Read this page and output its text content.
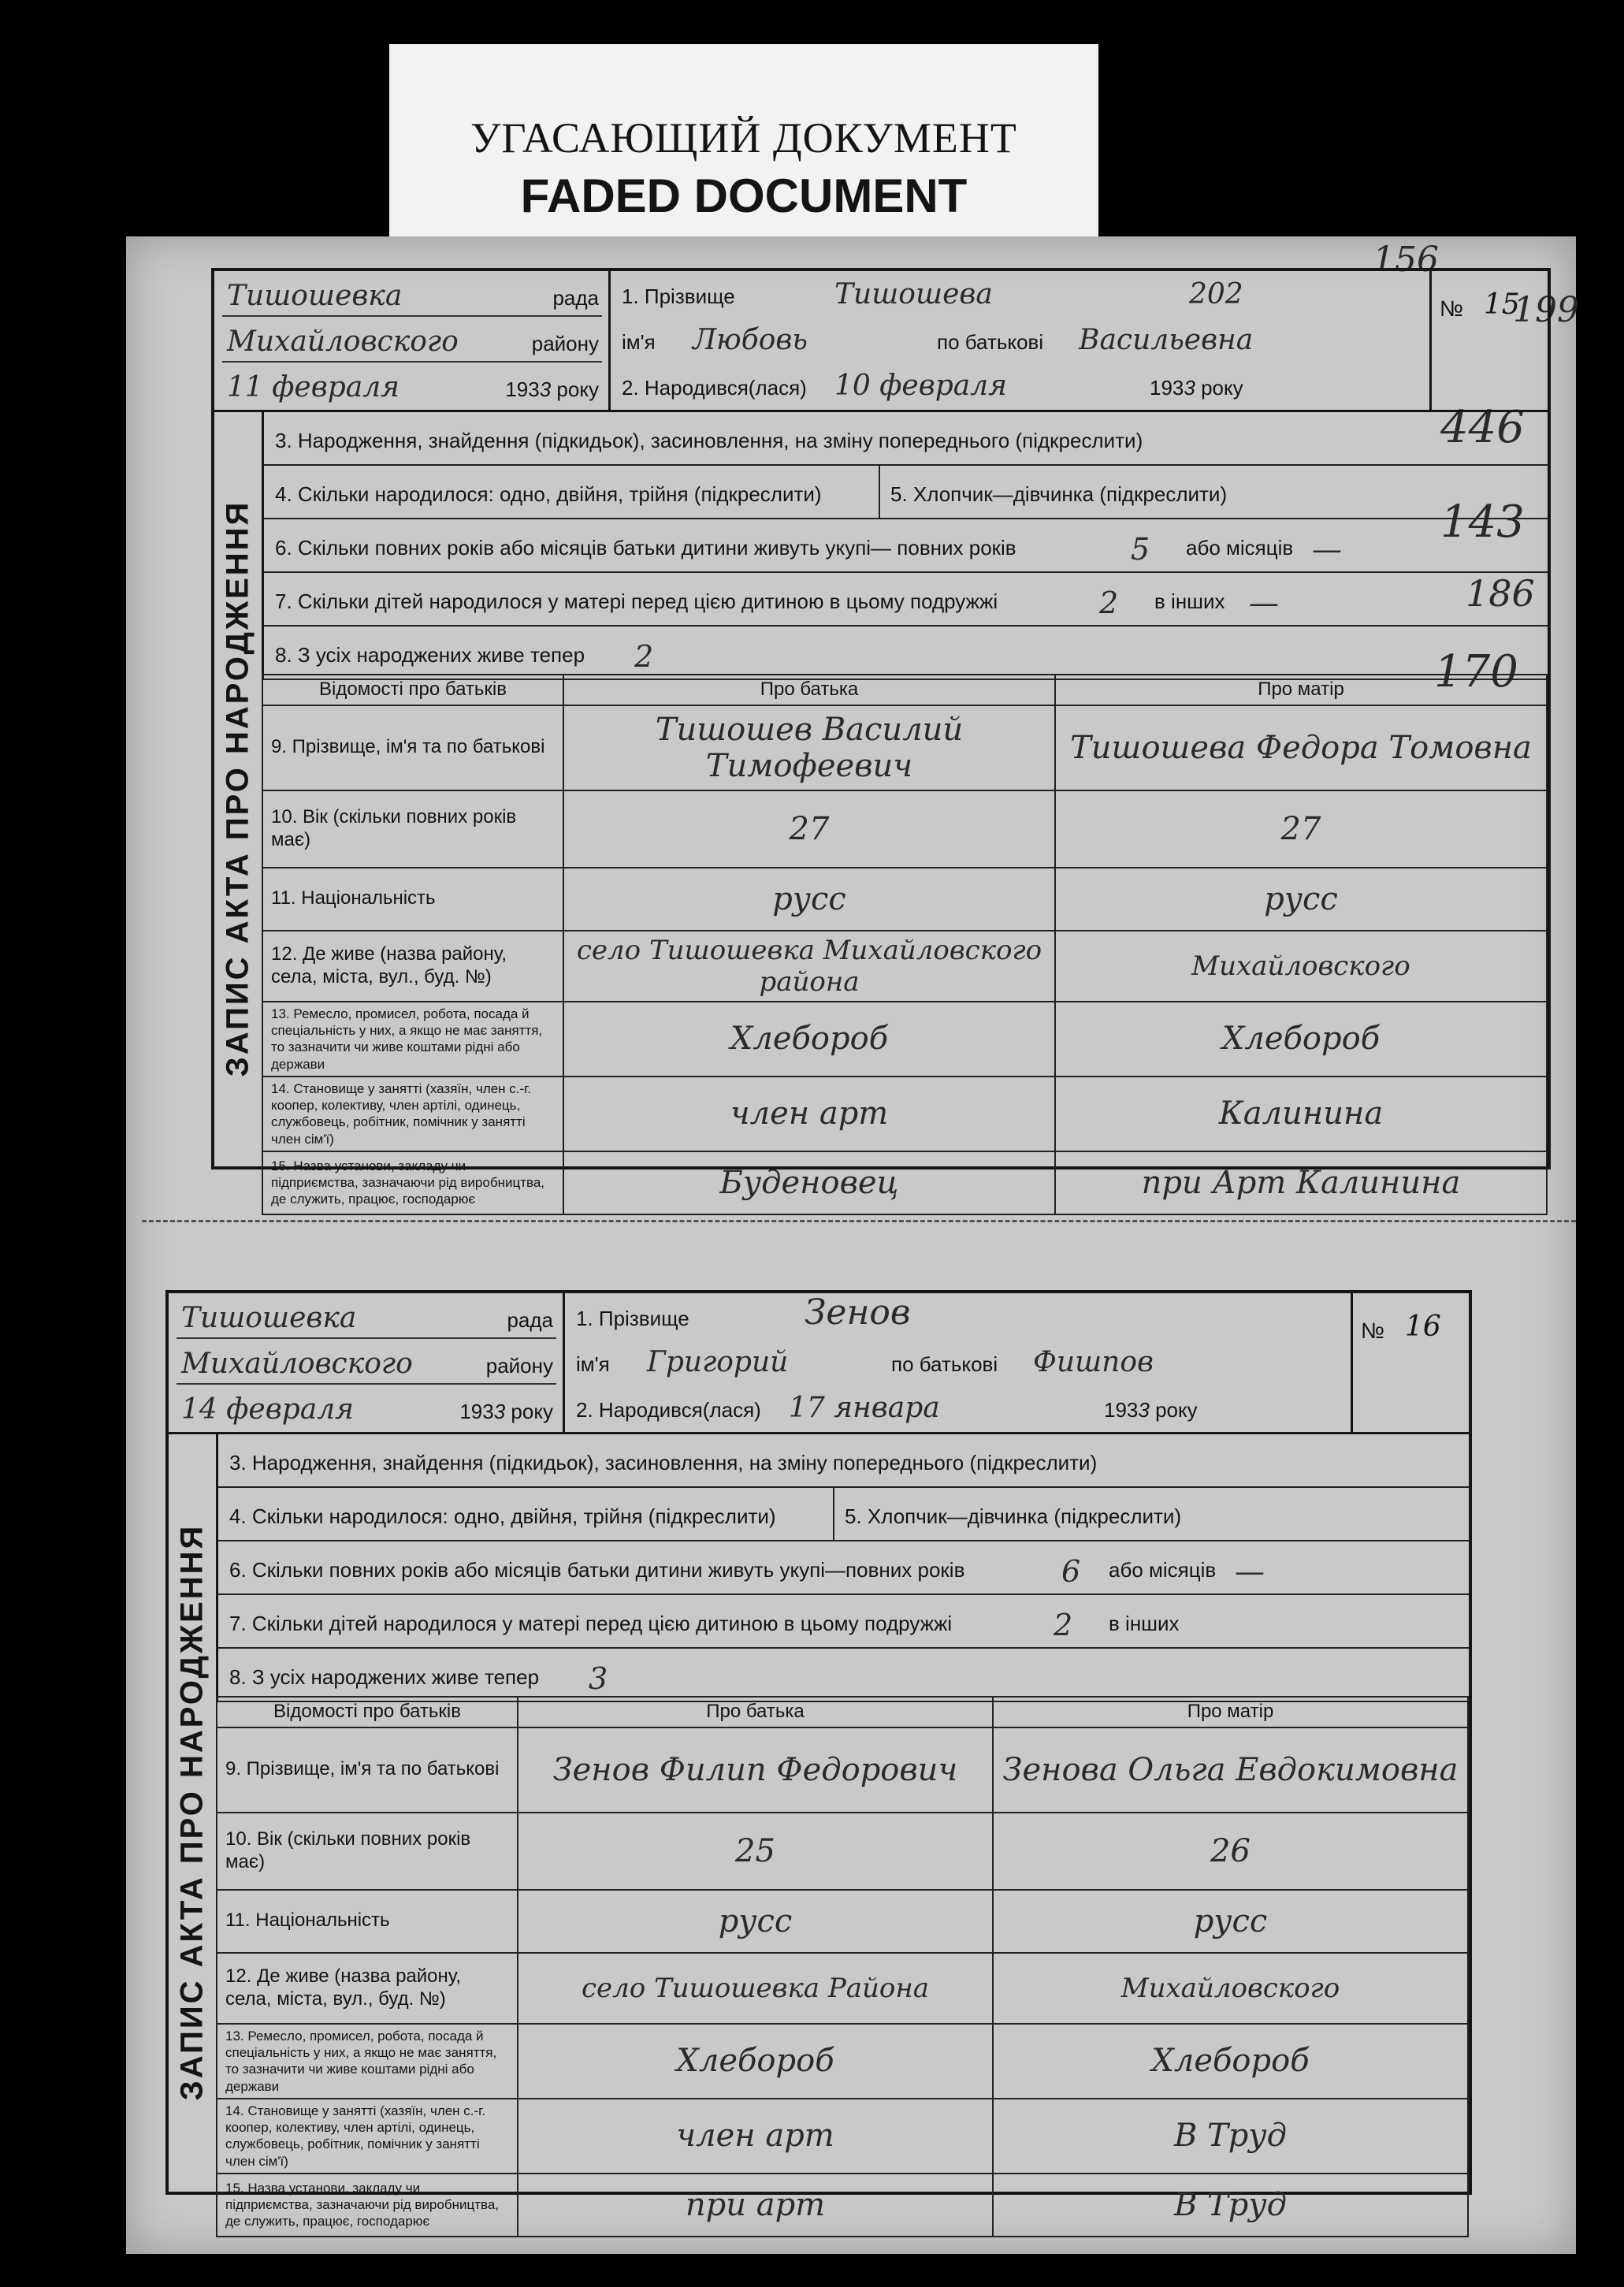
УГАСАЮЩИЙ ДОКУМЕНТ
FADED DOCUMENT
156
199
446
143
186
170
Тишошевка	рада
Михайловского	району
11 февраля	1933 року
1. Прізвище	Тишошева	202
ім'я Любовь	по батькові Васильевна
2. Народився(лася) 10 февраля	1933 року
№ 15
ЗАПИС АКТА ПРО НАРОДЖЕННЯ
3. Народження, знайдення (підкидьок), засиновлення, на зміну попереднього (підкреслити)
4. Скільки народилося: одно, двійня, трійня (підкреслити)	5. Хлопчик—дівчинка (підкреслити)
6. Скільки повних років або місяців батьки дитини живуть укупі— повних років	5 або місяців —
7. Скільки дітей народилося у матері перед цією дитиною в цьому подружжі	2 в інших —
8. З усіх народжених живе тепер 2
Відомості про батьків	Про батька	Про матір
9. Прізвище, ім'я та по батькові	Тишошев Василий Тимофеевич	Тишошева Федора Томовна
10. Вік (скільки повних років має)	27	27
11. Національність	русс	русс
12. Де живе (назва району, села, міста, вул., буд. №)	село Тишошевка Михайловского района	Михайловского
13. Ремесло, промисел, робота, посада й спеціальність у них, а якщо не має заняття, то зазначити чи живе коштами рідні або держави	Хлебороб	Хлебороб
14. Становище у занятті (хазяїн, член с.-г. коопер, колективу, член артілі, одинець, службовець, робітник, помічник у занятті член сім'ї)	член арт	Калинина
15. Назва установи, закладу чи підприємства, зазначаючи рід виробництва, де служить, працює, господарює	Буденовец	при Арт Калинина
Тишошевка	рада
Михайловского	району
14 февраля	1933 року
1. Прізвище	Зенов
ім'я Григорий	по батькові Фишпов
2. Народився(лася) 17 январа	1933 року
№ 16
ЗАПИС АКТА ПРО НАРОДЖЕННЯ
3. Народження, знайдення (підкидьок), засиновлення, на зміну попереднього (підкреслити)
4. Скільки народилося: одно, двійня, трійня (підкреслити)	5. Хлопчик—дівчинка (підкреслити)
6. Скільки повних років або місяців батьки дитини живуть укупі—повних років	6 або місяців —
7. Скільки дітей народилося у матері перед цією дитиною в цьому подружжі	2 в інших
8. З усіх народжених живе тепер 3
Відомості про батьків	Про батька	Про матір
9. Прізвище, ім'я та по батькові	Зенов Филип Федорович	Зенова Ольга Евдокимовна
10. Вік (скільки повних років має)	25	26
11. Національність	русс	русс
12. Де живе (назва району, села, міста, вул., буд. №)	село Тишошевка Района	Михайловского
13. Ремесло, промисел, робота, посада й спеціальність у них, а якщо не має заняття, то зазначити чи живе коштами рідні або держави	Хлебороб	Хлебороб
14. Становище у занятті (хазяїн, член с.-г. коопер, колективу, член артілі, одинець, службовець, робітник, помічник у занятті член сім'ї)	член арт	В Труд
15. Назва установи, закладу чи підприємства, зазначаючи рід виробництва, де служить, працює, господарює	при арт	В Труд
